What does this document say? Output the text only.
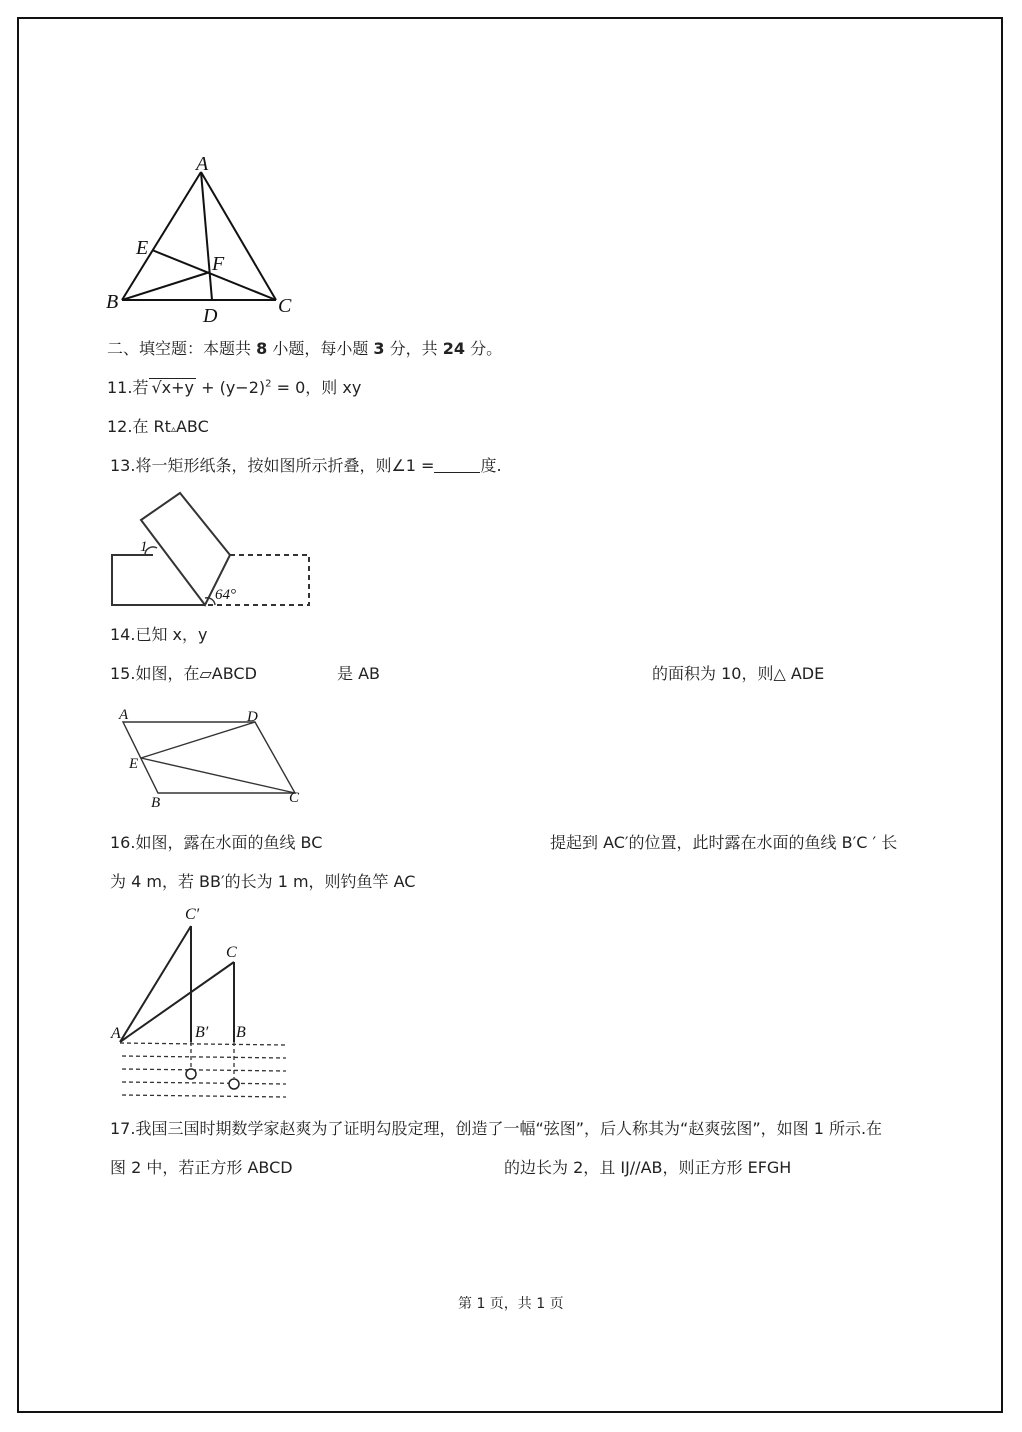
A
B	C
D
E
F
二、填空题：本题共 8 小题，每小题 3 分，共 24 分。
11.若 $√x+y + (y-2)^2 = 0$，则 xy
12.在 Rt▵ABC
13.将一矩形纸条，按如图所示折叠，则∠1 =	度.
1
64°
14.已知 x，y
15.如图，在▱ABCD	是 AB	的面积为 10，则△ ADE
A	D
E
B	C
16.如图，露在水面的鱼线 BC	提起到 AC′的位置，此时露在水面的鱼线 B′C ′ 长
为 4 m，若 BB′的长为 1 m，则钓鱼竿 AC
C′
C
A	B′ B
17.我国三国时期数学家赵爽为了证明勾股定理，创造了一幅“弦图”，后人称其为“赵爽弦图”，如图 1 所示.在
图 2 中，若正方形 ABCD	的边长为 2，且 IJ//AB，则正方形 EFGH
第 1 页，共 1 页
